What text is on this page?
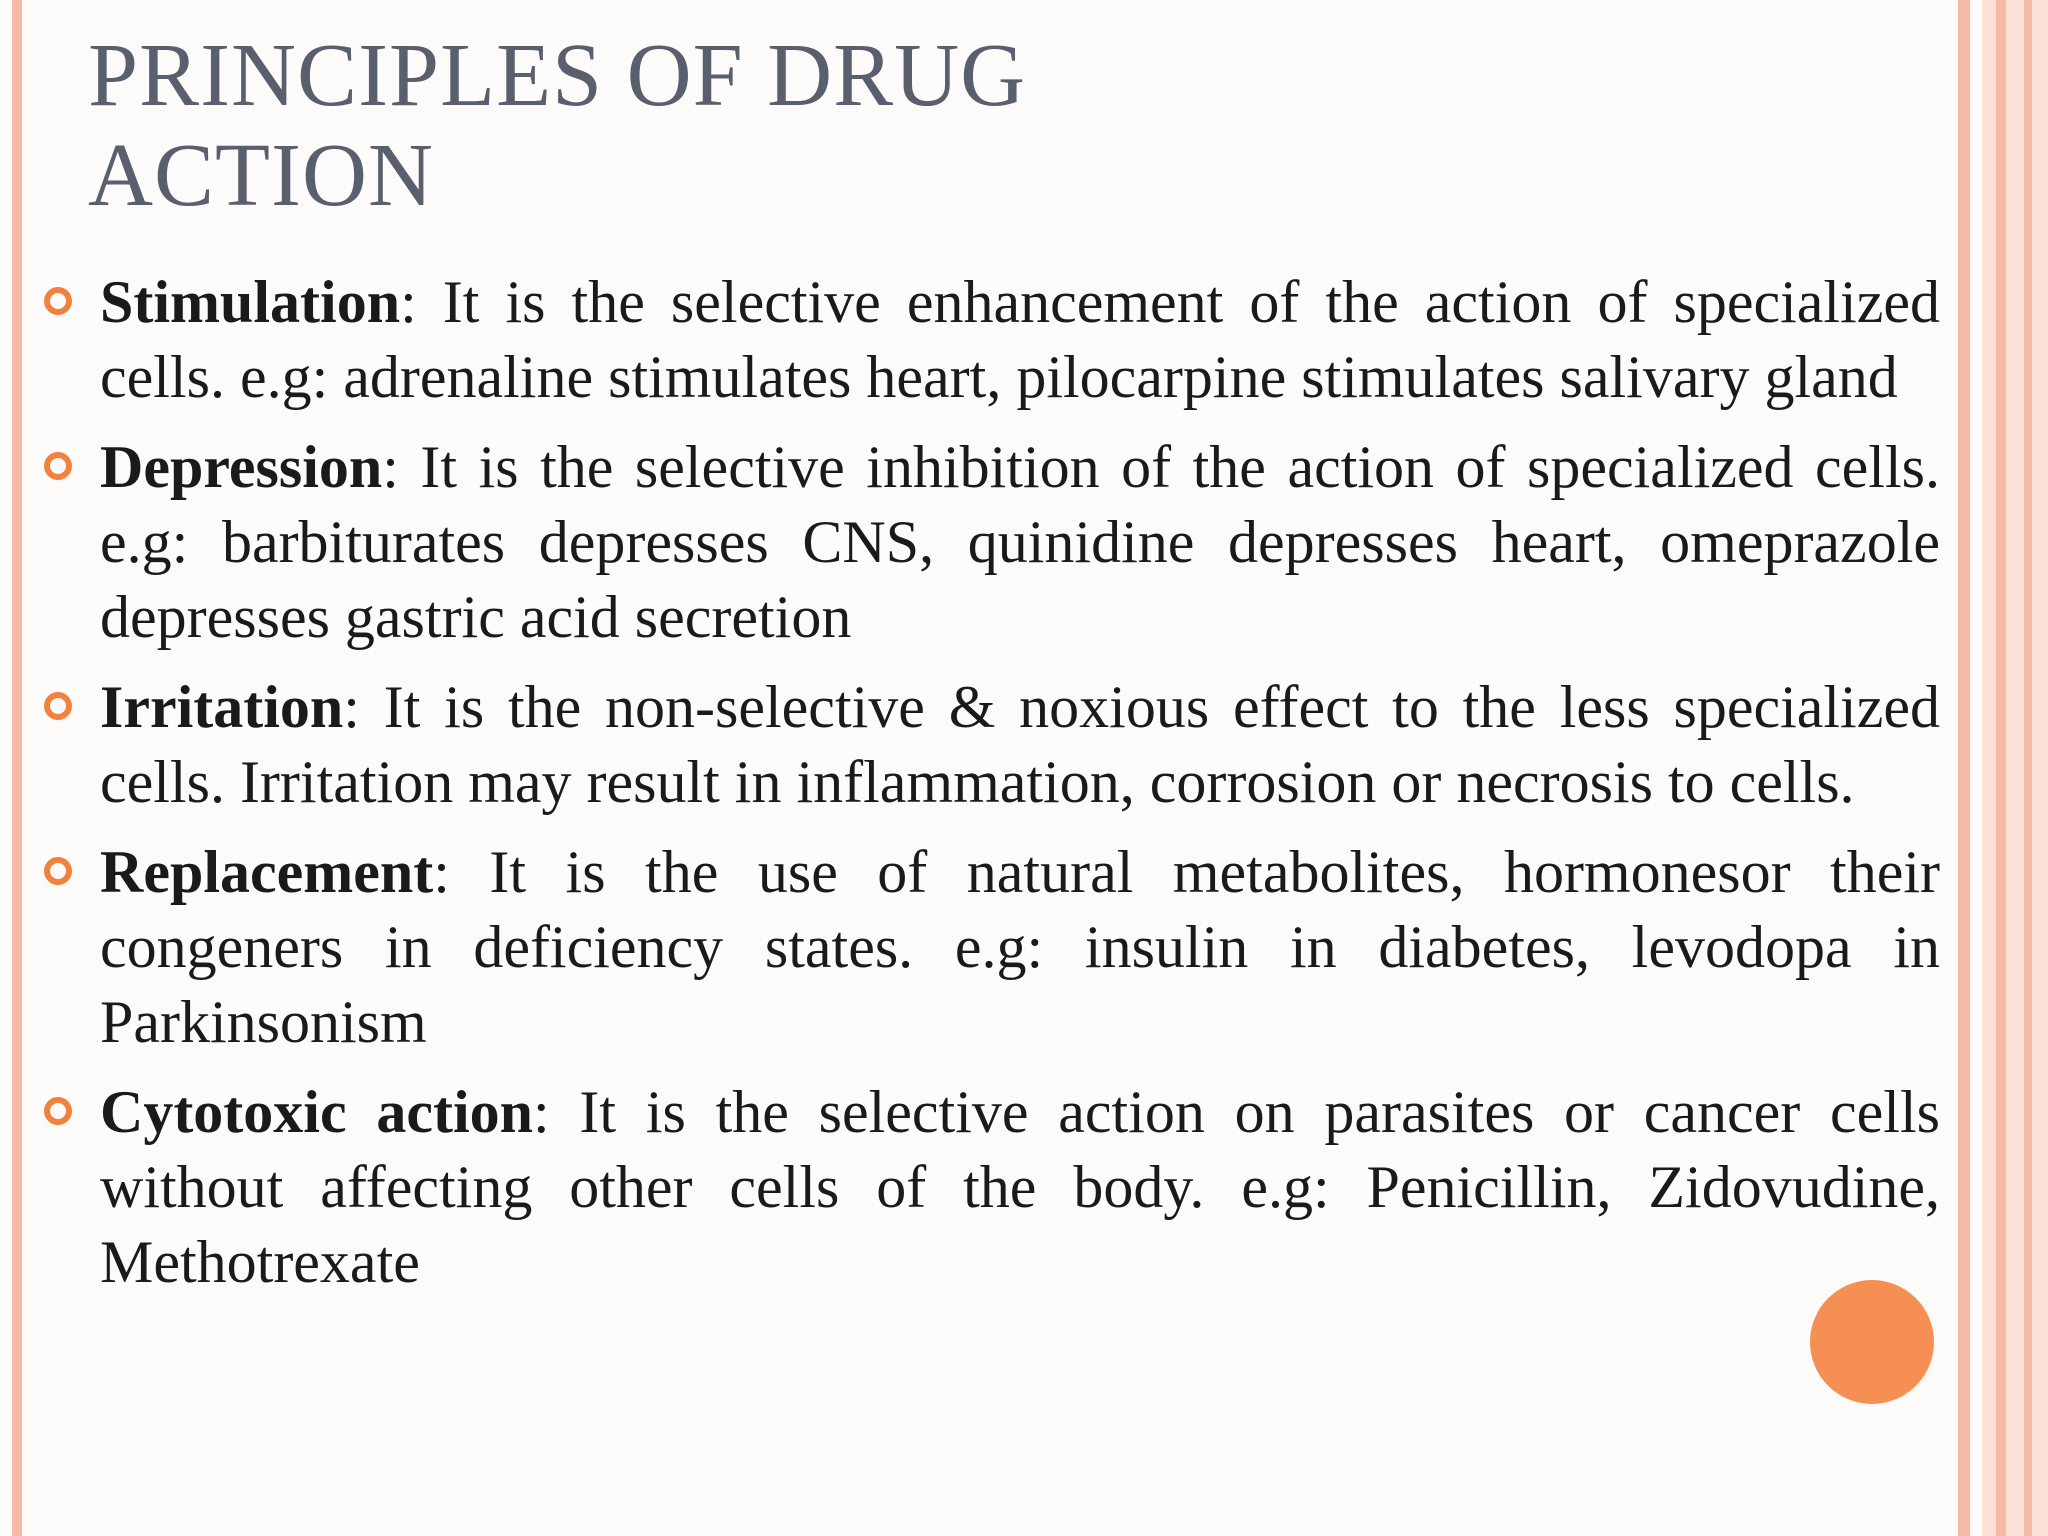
PRINCIPLES OF DRUG
ACTION
Stimulation: It is the selective enhancement of the action of specialized cells. e.g: adrenaline stimulates heart, pilocarpine stimulates salivary gland
Depression: It is the selective inhibition of the action of specialized cells. e.g: barbiturates depresses CNS, quinidine depresses heart, omeprazole depresses gastric acid secretion
Irritation: It is the non-selective & noxious effect to the less specialized cells. Irritation may result in inflammation, corrosion or necrosis to cells.
Replacement: It is the use of natural metabolites, hormonesor their congeners in deficiency states. e.g: insulin in diabetes, levodopa in Parkinsonism
Cytotoxic action: It is the selective action on parasites or cancer cells without affecting other cells of the body. e.g: Penicillin, Zidovudine, Methotrexate
